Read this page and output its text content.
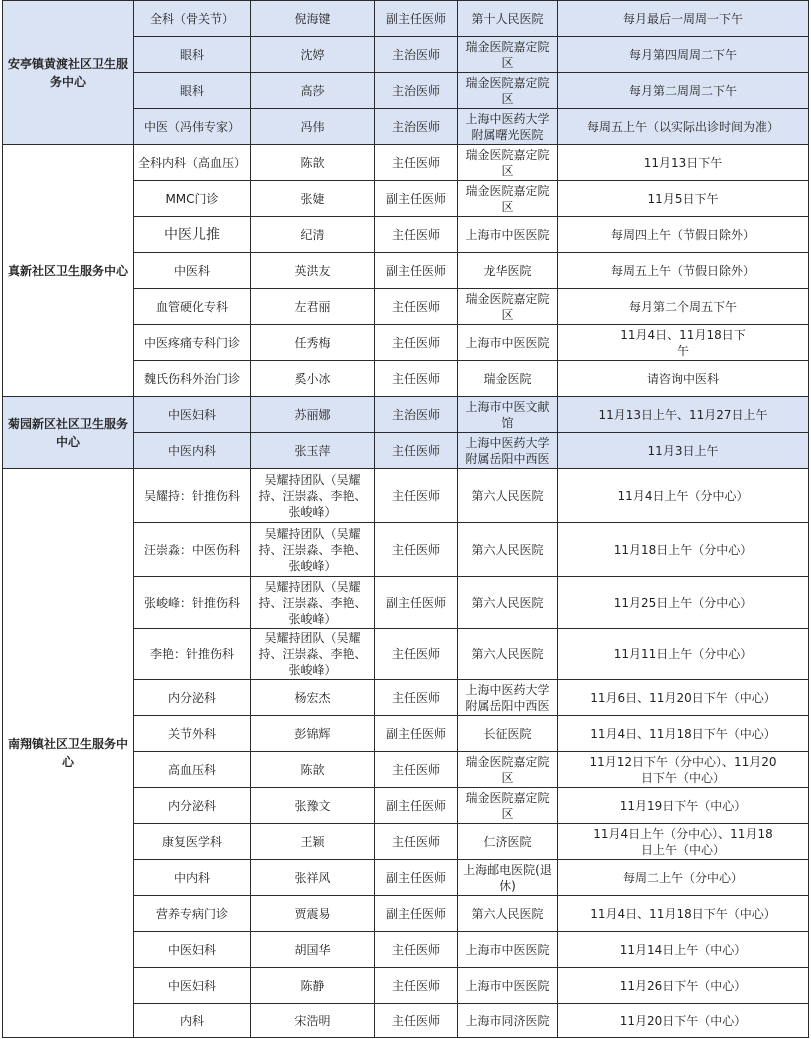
安亭镇黄渡社区卫生服务中心	全科（骨关节）	倪海键	副主任医师	第十人民医院	每月最后一周周一下午
	眼科	沈婷	主治医师	瑞金医院嘉定院区	每月第四周周二下午
	眼科	高莎	主治医师	瑞金医院嘉定院区	每月第二周周二下午
	中医（冯伟专家）	冯伟	主治医师	上海中医药大学附属曙光医院	每周五上午（以实际出诊时间为准）
真新社区卫生服务中心	全科内科（高血压）	陈歆	主任医师	瑞金医院嘉定院区	11月13日下午
	MMC门诊	张婕	副主任医师	瑞金医院嘉定院区	11月5日下午
	中医儿推	纪清	主任医师	上海市中医医院	每周四上午（节假日除外）
	中医科	英洪友	副主任医师	龙华医院	每周五上午（节假日除外）
	血管硬化专科	左君丽	主任医师	瑞金医院嘉定院区	每月第二个周五下午
	中医疼痛专科门诊	任秀梅	主任医师	上海市中医医院	11月4日、11月18日下午
	魏氏伤科外治门诊	奚小冰	主任医师	瑞金医院	请咨询中医科
菊园新区社区卫生服务中心	中医妇科	苏丽娜	主治医师	上海市中医文献馆	11月13日上午、11月27日上午
	中医内科	张玉萍	主任医师	上海中医药大学附属岳阳中西医	11月3日上午
南翔镇社区卫生服务中心	吴耀持：针推伤科	吴耀持团队（吴耀持、汪崇淼、李艳、张峻峰）	主任医师	第六人民医院	11月4日上午（分中心）
	汪崇淼：中医伤科	吴耀持团队（吴耀持、汪崇淼、李艳、张峻峰）	主任医师	第六人民医院	11月18日上午（分中心）
	张峻峰：针推伤科	吴耀持团队（吴耀持、汪崇淼、李艳、张峻峰）	副主任医师	第六人民医院	11月25日上午（分中心）
	李艳：针推伤科	吴耀持团队（吴耀持、汪崇淼、李艳、张峻峰）	主任医师	第六人民医院	11月11日上午（分中心）
	内分泌科	杨宏杰	主任医师	上海中医药大学附属岳阳中西医	11月6日、11月20日下午（中心）
	关节外科	彭锦辉	副主任医师	长征医院	11月4日、11月18日下午（中心）
	高血压科	陈歆	主任医师	瑞金医院嘉定院区	11月12日下午（分中心）、11月20日下午（中心）
	内分泌科	张豫文	副主任医师	瑞金医院嘉定院区	11月19日下午（中心）
	康复医学科	王颖	主任医师	仁济医院	11月4日上午（分中心）、11月18日上午（中心）
	中内科	张祥风	副主任医师	上海邮电医院(退休)	每周二上午（分中心）
	营养专病门诊	贾震易	副主任医师	第六人民医院	11月4日、11月18日下午（中心）
	中医妇科	胡国华	主任医师	上海市中医医院	11月14日上午（中心）
	中医妇科	陈静	主任医师	上海市中医医院	11月26日下午（中心）
	内科	宋浩明	主任医师	上海市同济医院	11月20日下午（中心）
